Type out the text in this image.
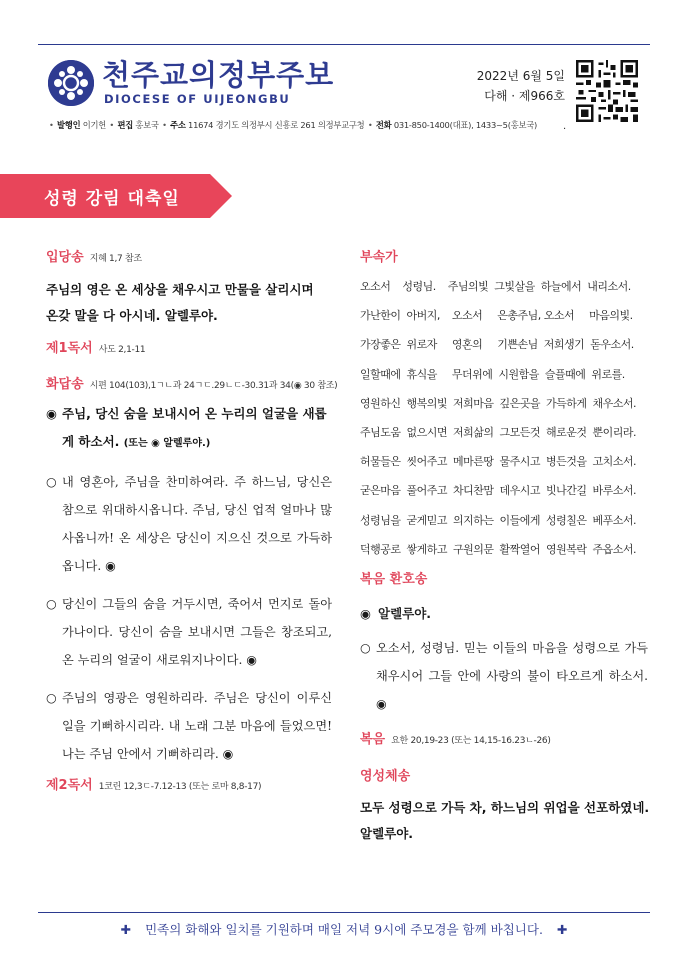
천주교의정부주보
DIOCESE OF UIJEONGBU
2022년 6월 5일
다해 · 제966호
• 발행인 이기헌 • 편집 홍보국 • 주소 11674 경기도 의정부시 신흥로 261 의정부교구청 • 전화 031-850-1400(대표), 1433~5(홍보국)	.
성령 강림 대축일
입당송 지혜 1,7 참조
주님의 영은 온 세상을 채우시고 만물을 살리시며
온갖 말을 다 아시네. 알렐루야.
제1독서 사도 2,1-11
화답송 시편 104(103),1ㄱㄴ과 24ㄱㄷ.29ㄴㄷ-30.31과 34(◉ 30 참조)
◉ 주님, 당신 숨을 보내시어 온 누리의 얼굴을 새롭게 하소서. (또는 ◉ 알렐루야.)
○ 내 영혼아, 주님을 찬미하여라. 주 하느님, 당신은 참으로 위대하시옵니다. 주님, 당신 업적 얼마나 많사옵니까! 온 세상은 당신이 지으신 것으로 가득하옵니다. ◉
○ 당신이 그들의 숨을 거두시면, 죽어서 먼지로 돌아가나이다. 당신이 숨을 보내시면 그들은 창조되고, 온 누리의 얼굴이 새로워지나이다. ◉
○ 주님의 영광은 영원하리라. 주님은 당신이 이루신 일을 기뻐하시리라. 내 노래 그분 마음에 들었으면! 나는 주님 안에서 기뻐하리라. ◉
제2독서 1코린 12,3ㄷ-7.12-13 (또는 로마 8,8-17)
부속가
오소서    성령님.    주님의빛  그빛살을  하늘에서  내리소서.
가난한이  아버지,    오소서     은총주님, 오소서     마음의빛.
가장좋은  위로자     영혼의     기쁜손님  저희생기  돋우소서.
일할때에  휴식을     무더위에  시원함을  슬플때에  위로를.
영원하신  행복의빛  저희마음  깊은곳을  가득하게  채우소서.
주님도움  없으시면  저희삶의  그모든것  해로운것  뿐이리라.
허물들은  씻어주고  메마른땅  물주시고  병든것을  고치소서.
굳은마음  풀어주고  차디찬맘  데우시고  빗나간길  바루소서.
성령님을  굳게믿고  의지하는  이들에게  성령칠은  베푸소서.
덕행공로  쌓게하고  구원의문  활짝열어  영원복락  주옵소서.
복음 환호송
◉ 알렐루야.
○ 오소서, 성령님. 믿는 이들의 마음을 성령으로 가득 채우시어 그들 안에 사랑의 불이 타오르게 하소서. ◉
복음 요한 20,19-23 (또는 14,15-16.23ㄴ-26)
영성체송
모두 성령으로 가득 차, 하느님의 위업을 선포하였네.
알렐루야.
✚ 민족의 화해와 일치를 기원하며 매일 저녁 9시에 주모경을 함께 바칩니다. ✚
